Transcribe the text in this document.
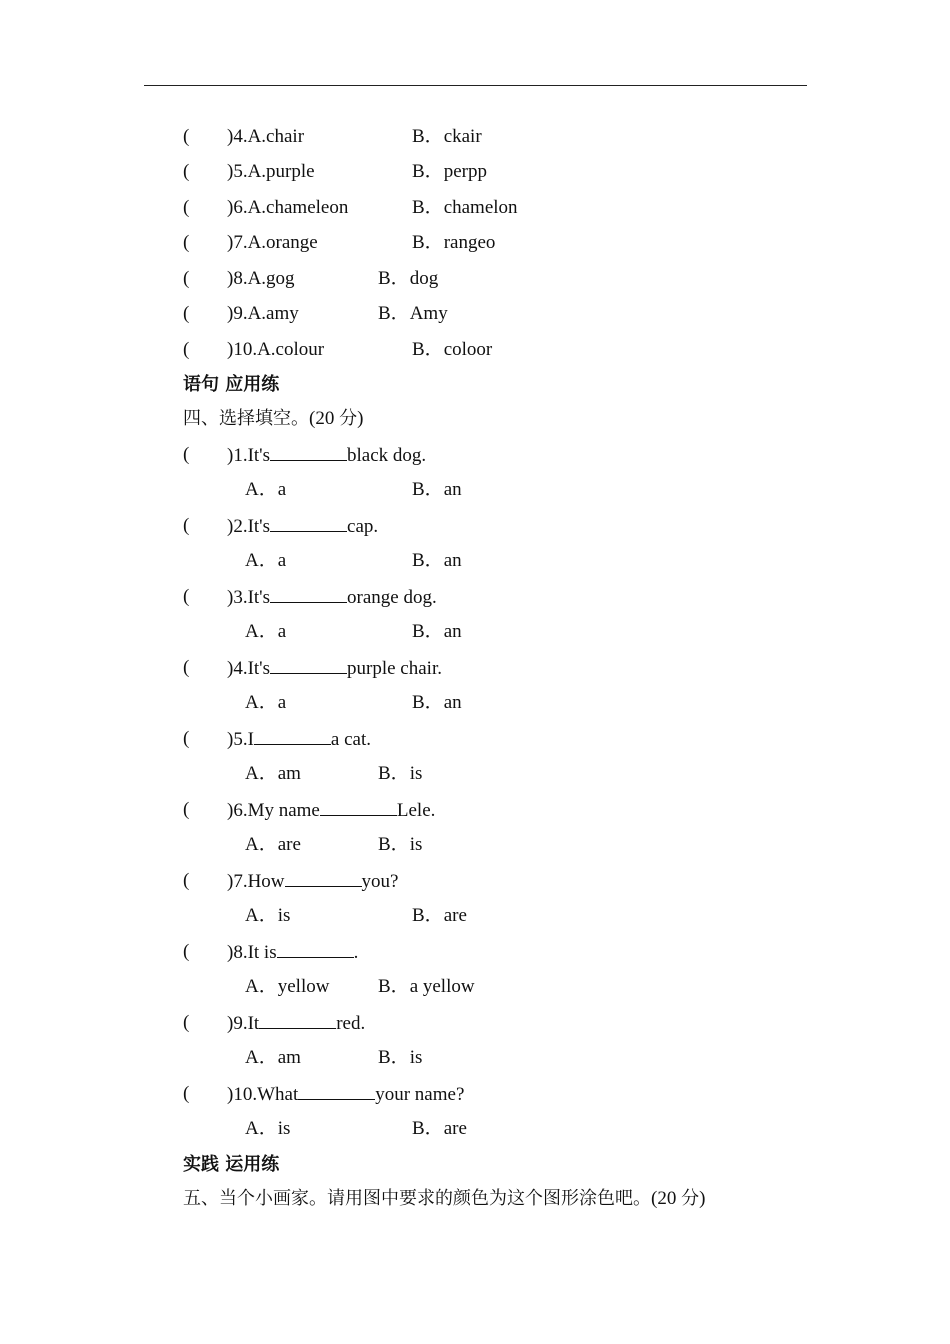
( )4.A.chair	B．ckair
( )5.A.purple	B．perpp
( )6.A.chameleon	B．chamelon
( )7.A.orange	B．rangeo
( )8.A.gog	B．dog
( )9.A.amy	B．Amy
( )10.A.colour	B．coloor
语句 应用练
四、选择填空。(20 分)
( )1.It's	black dog.
A．a	B．an
( )2.It's	cap.
A．a	B．an
( )3.It's	orange dog.
A．a	B．an
( )4.It's	purple chair.
A．a	B．an
( )5.I	a cat.
A．am	B．is
( )6.My name	Lele.
A．are	B．is
( )7.How	you?
A．is	B．are
( )8.It is	.
A．yellow	B．a yellow
( )9.It	red.
A．am	B．is
( )10.What	your name?
A．is	B．are
实践 运用练
五、当个小画家。请用图中要求的颜色为这个图形涂色吧。(20 分)
